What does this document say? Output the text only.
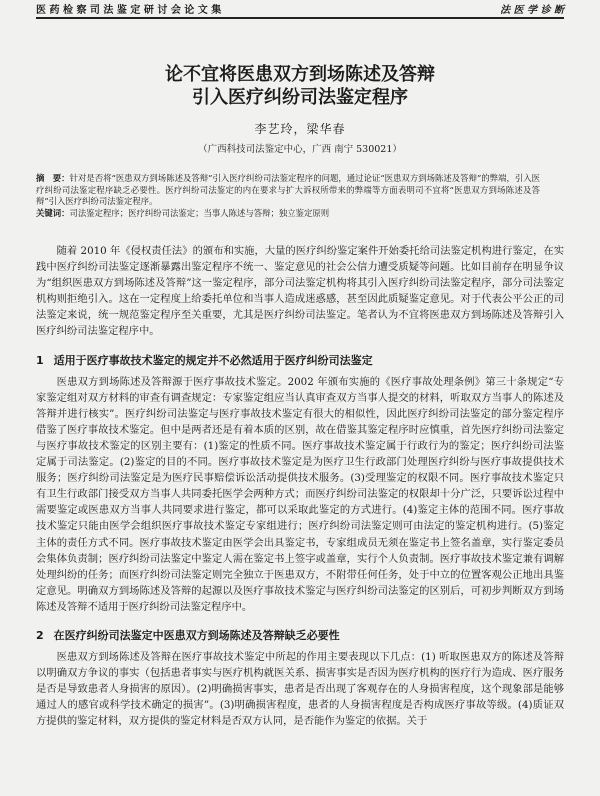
医 药 检 察 司 法 鉴 定 研 讨 会 论 文 集	法 医 学 诊 断
论不宜将医患双方到场陈述及答辩
引入医疗纠纷司法鉴定程序
李艺玲，梁华春
（广西科技司法鉴定中心，广西 南宁 530021）
摘　要：针对是否将“医患双方到场陈述及答辩”引入医疗纠纷司法鉴定程序的问题，通过论证“医患双方到场陈述及答辩”的弊端，引入医疗纠纷司法鉴定程序缺乏必要性。医疗纠纷司法鉴定的内在要求与扩大诉权所带来的弊端等方面表明司不宜将“医患双方到场陈述及答辩”引入医疗纠纷司法鉴定程序。
关键词：司法鉴定程序；医疗纠纷司法鉴定；当事人陈述与答辩；独立鉴定原则

随着 2010 年《侵权责任法》的颁布和实施，大量的医疗纠纷鉴定案件开始委托给司法鉴定机构进行鉴定，在实践中医疗纠纷司法鉴定逐渐暴露出鉴定程序不统一、鉴定意见的社会公信力遭受质疑等问题。比如目前存在明显争议为“组织医患双方到场陈述及答辩”这一鉴定程序，部分司法鉴定机构将其引入医疗纠纷司法鉴定程序，部分司法鉴定机构则拒绝引入。这在一定程度上给委托单位和当事人造成迷惑感，甚至因此质疑鉴定意见。对于代表公平公正的司法鉴定来说，统一规范鉴定程序至关重要，尤其是医疗纠纷司法鉴定。笔者认为不宜将医患双方到场陈述及答辩引入医疗纠纷司法鉴定程序中。

1 适用于医疗事故技术鉴定的规定并不必然适用于医疗纠纷司法鉴定

医患双方到场陈述及答辩源于医疗事故技术鉴定。2002 年颁布实施的《医疗事故处理条例》第三十条规定“专家鉴定组对双方材料的审查有调查规定：专家鉴定组应当认真审查双方当事人提交的材料，听取双方当事人的陈述及答辩并进行核实”。医疗纠纷司法鉴定与医疗事故技术鉴定有很大的相似性，因此医疗纠纷司法鉴定的部分鉴定程序借鉴了医疗事故技术鉴定。但中是两者还是有着本质的区别，故在借鉴其鉴定程序时应慎重，首先医疗纠纷司法鉴定与医疗事故技术鉴定的区别主要有：(1)鉴定的性质不同。医疗事故技术鉴定属于行政行为的鉴定；医疗纠纷司法鉴定属于司法鉴定。(2)鉴定的目的不同。医疗事故技术鉴定是为医疗卫生行政部门处理医疗纠纷与医疗事故提供技术服务；医疗纠纷司法鉴定是为医疗民事赔偿诉讼活动提供技术服务。(3)受理鉴定的权限不同。医疗事故技术鉴定只有卫生行政部门接受双方当事人共同委托医学会两种方式；而医疗纠纷司法鉴定的权限却十分广泛，只要诉讼过程中需要鉴定或医患双方当事人共同要求进行鉴定，都可以采取此鉴定的方式进行。(4)鉴定主体的范围不同。医疗事故技术鉴定只能由医学会组织医疗事故技术鉴定专家组进行；医疗纠纷司法鉴定则可由法定的鉴定机构进行。(5)鉴定主体的责任方式不同。医疗事故技术鉴定由医学会出具鉴定书，专家组成员无须在鉴定书上签名盖章，实行鉴定委员会集体负责制；医疗纠纷司法鉴定中鉴定人需在鉴定书上签字或盖章，实行个人负责制。医疗事故技术鉴定兼有调解处理纠纷的任务；而医疗纠纷司法鉴定则完全独立于医患双方，不附带任何任务，处于中立的位置客观公正地出具鉴定意见。明确双方到场陈述及答辩的起源以及医疗事故技术鉴定与医疗纠纷司法鉴定的区别后，可初步判断双方到场陈述及答辩不适用于医疗纠纷司法鉴定程序中。

2 在医疗纠纷司法鉴定中医患双方到场陈述及答辩缺乏必要性

医患双方到场陈述及答辩在医疗事故技术鉴定中所起的作用主要表现以下几点：(1) 听取医患双方的陈述及答辩以明确双方争议的事实（包括患者事实与医疗机构就医关系、损害事实是否因为医疗机构的医疗行为造成、医疗服务是否是导致患者人身损害的原因）。(2)明确损害事实，患者是否出现了客观存在的人身损害程度，这个现象部是能够通过人的感官或科学技术确定的损害”。(3)明确损害程度，患者的人身损害程度是否构成医疗事故等级。(4)质证双方提供的鉴定材料，双方提供的鉴定材料是否双方认同，是否能作为鉴定的依据。关于
